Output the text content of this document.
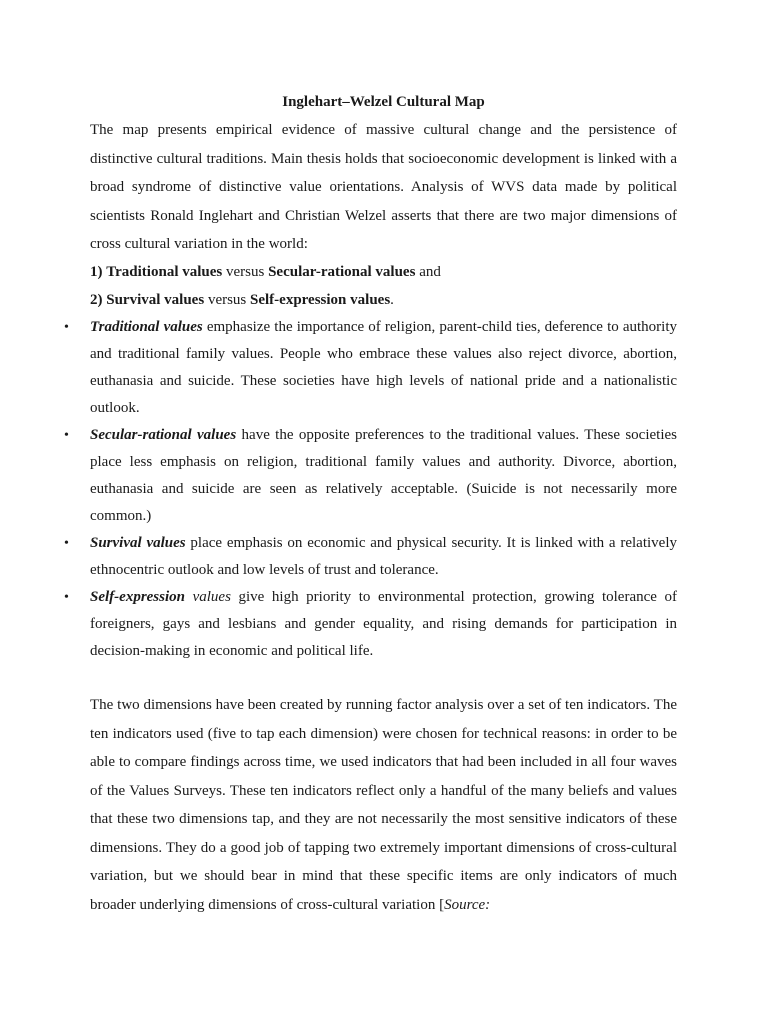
Inglehart–Welzel Cultural Map

The map presents empirical evidence of massive cultural change and the persistence of distinctive cultural traditions. Main thesis holds that socioeconomic development is linked with a broad syndrome of distinctive value orientations. Analysis of WVS data made by political scientists Ronald Inglehart and Christian Welzel asserts that there are two major dimensions of cross cultural variation in the world:

1) Traditional values versus Secular-rational values and
2) Survival values versus Self-expression values.
• Traditional values emphasize the importance of religion, parent-child ties, deference to authority and traditional family values. People who embrace these values also reject divorce, abortion, euthanasia and suicide. These societies have high levels of national pride and a nationalistic outlook.
• Secular-rational values have the opposite preferences to the traditional values. These societies place less emphasis on religion, traditional family values and authority. Divorce, abortion, euthanasia and suicide are seen as relatively acceptable. (Suicide is not necessarily more common.)
• Survival values place emphasis on economic and physical security. It is linked with a relatively ethnocentric outlook and low levels of trust and tolerance.
• Self-expression values give high priority to environmental protection, growing tolerance of foreigners, gays and lesbians and gender equality, and rising demands for participation in decision-making in economic and political life.

The two dimensions have been created by running factor analysis over a set of ten indicators. The ten indicators used (five to tap each dimension) were chosen for technical reasons: in order to be able to compare findings across time, we used indicators that had been included in all four waves of the Values Surveys. These ten indicators reflect only a handful of the many beliefs and values that these two dimensions tap, and they are not necessarily the most sensitive indicators of these dimensions. They do a good job of tapping two extremely important dimensions of cross-cultural variation, but we should bear in mind that these specific items are only indicators of much broader underlying dimensions of cross-cultural variation [Source:
